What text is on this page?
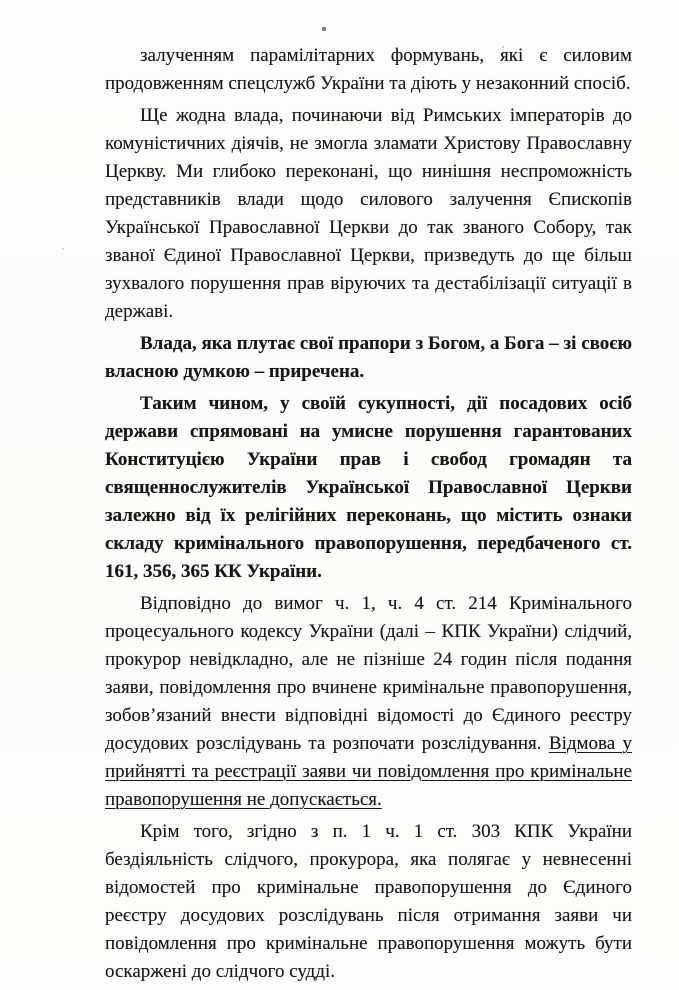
залученням парамілітарних формувань, які є силовим продовженням спецслужб України та діють у незаконний спосіб.

Ще жодна влада, починаючи від Римських імператорів до комуністичних діячів, не змогла зламати Христову Православну Церкву. Ми глибоко переконані, що нинішня неспроможність представників влади щодо силового залучення Єпископів Української Православної Церкви до так званого Собору, так званої Єдиної Православної Церкви, призведуть до ще більш зухвалого порушення прав віруючих та дестабілізації ситуації в державі.

Влада, яка плутає свої прапори з Богом, а Бога – зі своєю власною думкою – приречена.

Таким чином, у своїй сукупності, дії посадових осіб держави спрямовані на умисне порушення гарантованих Конституцією України прав і свобод громадян та священнослужителів Української Православної Церкви залежно від їх релігійних переконань, що містить ознаки складу кримінального правопорушення, передбаченого ст. 161, 356, 365 КК України.

Відповідно до вимог ч. 1, ч. 4 ст. 214 Кримінального процесуального кодексу України (далі – КПК України) слідчий, прокурор невідкладно, але не пізніше 24 годин після подання заяви, повідомлення про вчинене кримінальне правопорушення, зобов’язаний внести відповідні відомості до Єдиного реєстру досудових розслідувань та розпочати розслідування. Відмова у прийнятті та реєстрації заяви чи повідомлення про кримінальне правопорушення не допускається.

Крім того, згідно з п. 1 ч. 1 ст. 303 КПК України бездіяльність слідчого, прокурора, яка полягає у невнесенні відомостей про кримінальне правопорушення до Єдиного реєстру досудових розслідувань після отримання заяви чи повідомлення про кримінальне правопорушення можуть бути оскаржені до слідчого судді.
